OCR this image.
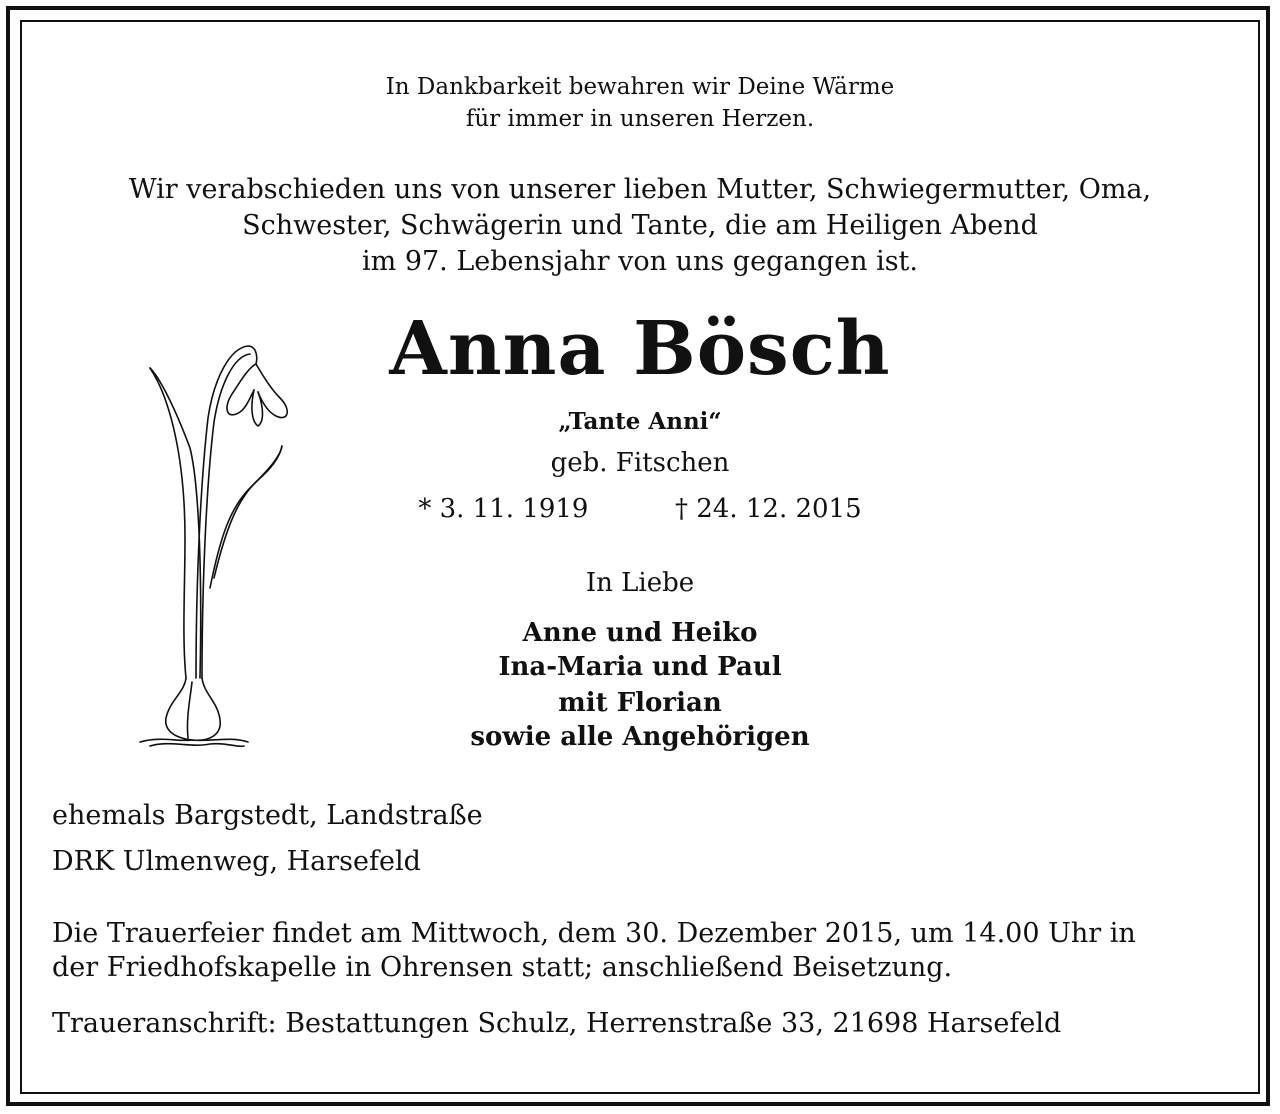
In Dankbarkeit bewahren wir Deine Wärme
für immer in unseren Herzen.
Wir verabschieden uns von unserer lieben Mutter, Schwiegermutter, Oma,
Schwester, Schwägerin und Tante, die am Heiligen Abend
im 97. Lebensjahr von uns gegangen ist.
Anna Bösch
„Tante Anni“
geb. Fitschen
* 3. 11. 1919	† 24. 12. 2015
In Liebe
Anne und Heiko
Ina-Maria und Paul
mit Florian
sowie alle Angehörigen
ehemals Bargstedt, Landstraße
DRK Ulmenweg, Harsefeld
Die Trauerfeier findet am Mittwoch, dem 30. Dezember 2015, um 14.00 Uhr in
der Friedhofskapelle in Ohrensen statt; anschließend Beisetzung.
Traueranschrift: Bestattungen Schulz, Herrenstraße 33, 21698 Harsefeld
